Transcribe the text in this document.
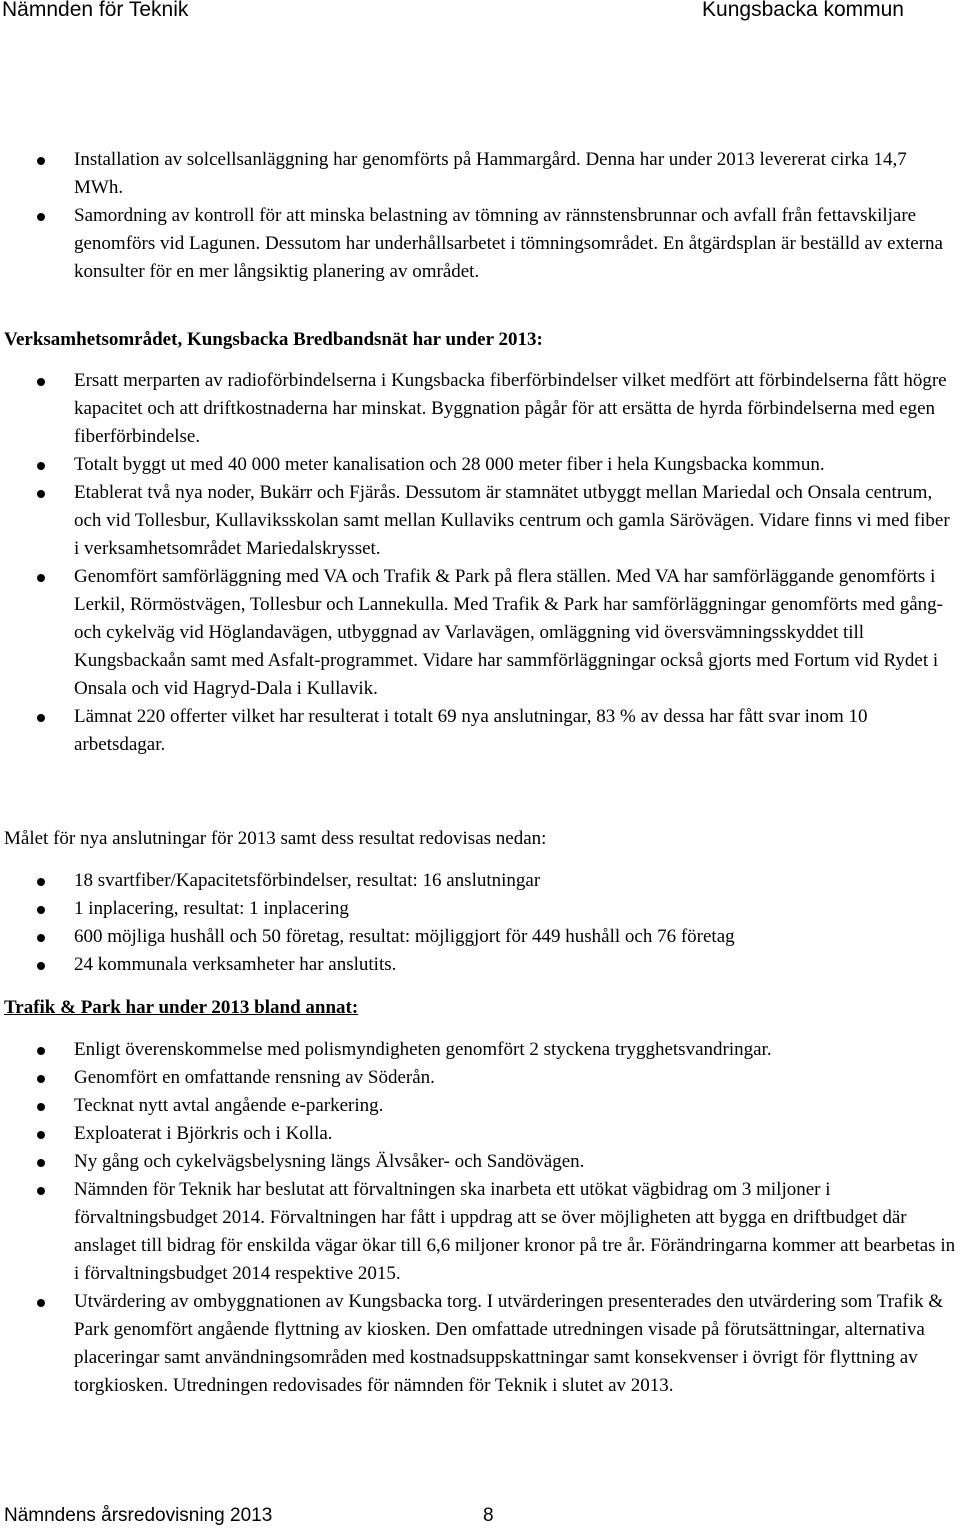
Nämnden för Teknik	Kungsbacka kommun
Installation av solcellsanläggning har genomförts på Hammargård. Denna har under 2013 levererat cirka 14,7 MWh.
Samordning av kontroll för att minska belastning av tömning av rännstensbrunnar och avfall från fettavskiljare genomförs vid Lagunen. Dessutom har underhållsarbetet i tömningsområdet. En åtgärdsplan är beställd av externa konsulter för en mer långsiktig planering av området.
Verksamhetsområdet, Kungsbacka Bredbandsnät har under 2013:
Ersatt merparten av radioförbindelserna i Kungsbacka fiberförbindelser vilket medfört att förbindelserna fått högre kapacitet och att driftkostnaderna har minskat. Byggnation pågår för att ersätta de hyrda förbindelserna med egen fiberförbindelse.
Totalt byggt ut med 40 000 meter kanalisation och 28 000 meter fiber i hela Kungsbacka kommun.
Etablerat två nya noder, Bukärr och Fjärås. Dessutom är stamnätet utbyggt mellan Mariedal och Onsala centrum, och vid Tollesbur, Kullaviksskolan samt mellan Kullaviks centrum och gamla Särövägen. Vidare finns vi med fiber i verksamhetsområdet Mariedalskrysset.
Genomfört samförläggning med VA och Trafik & Park på flera ställen. Med VA har samförläggande genomförts i Lerkil, Rörmöstvägen, Tollesbur och Lannekulla. Med Trafik & Park har samförläggningar genomförts med gång- och cykelväg vid Höglandavägen, utbyggnad av Varlavägen, omläggning vid översvämningsskyddet till Kungsbackaån samt med Asfalt-programmet. Vidare har sammförläggningar också gjorts med Fortum vid Rydet i Onsala och vid Hagryd-Dala i Kullavik.
Lämnat 220 offerter vilket har resulterat i totalt 69 nya anslutningar, 83 % av dessa har fått svar inom 10 arbetsdagar.
Målet för nya anslutningar för 2013 samt dess resultat redovisas nedan:
18 svartfiber/Kapacitetsförbindelser, resultat: 16 anslutningar
1 inplacering, resultat: 1 inplacering
600 möjliga hushåll och 50 företag, resultat: möjliggjort för 449 hushåll och 76 företag
24 kommunala verksamheter har anslutits.
Trafik & Park har under 2013 bland annat:
Enligt överenskommelse med polismyndigheten genomfört 2 styckena trygghetsvandringar.
Genomfört en omfattande rensning av Söderån.
Tecknat nytt avtal angående e-parkering.
Exploaterat i Björkris och i Kolla.
Ny gång och cykelvägsbelysning längs Älvsåker- och Sandövägen.
Nämnden för Teknik har beslutat att förvaltningen ska inarbeta ett utökat vägbidrag om 3 miljoner i förvaltningsbudget 2014. Förvaltningen har fått i uppdrag att se över möjligheten att bygga en driftbudget där anslaget till bidrag för enskilda vägar ökar till 6,6 miljoner kronor på tre år. Förändringarna kommer att bearbetas in i förvaltningsbudget 2014 respektive 2015.
Utvärdering av ombyggnationen av Kungsbacka torg. I utvärderingen presenterades den utvärdering som Trafik & Park genomfört angående flyttning av kiosken. Den omfattade utredningen visade på förutsättningar, alternativa placeringar samt användningsområden med kostnadsuppskattningar samt konsekvenser i övrigt för flyttning av torgkiosken. Utredningen redovisades för nämnden för Teknik i slutet av 2013.
Nämndens årsredovisning 2013	8
